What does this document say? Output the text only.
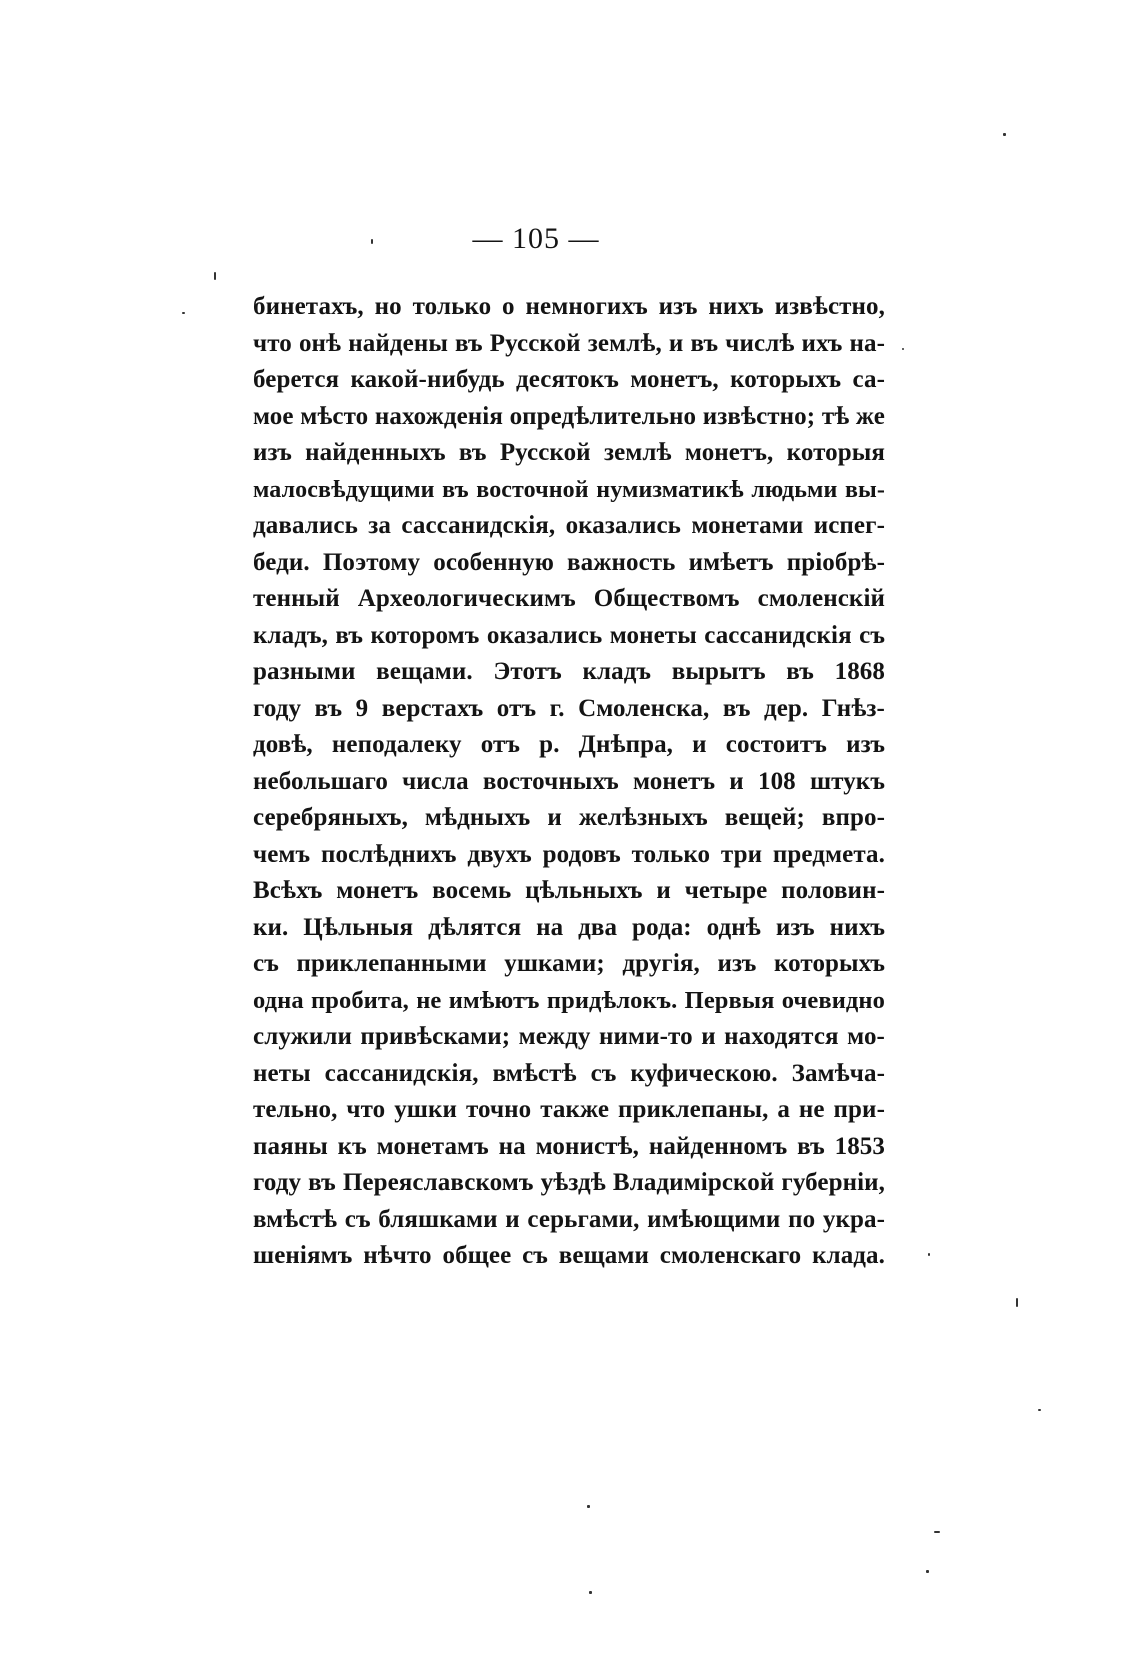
— 105 —
бинетахъ, но только о немногихъ изъ нихъ извѣстно,
что онѣ найдены въ Русской землѣ, и въ числѣ ихъ на-
берется какой-нибудь десятокъ монетъ, которыхъ са-
мое мѣсто нахожденія опредѣлительно извѣстно; тѣ же
изъ найденныхъ въ Русской землѣ монетъ, которыя
малосвѣдущими въ восточной нумизматикѣ людьми вы-
давались за сассанидскія, оказались монетами испег-
беди. Поэтому особенную важность имѣетъ пріобрѣ-
тенный Археологическимъ Обществомъ смоленскій
кладъ, въ которомъ оказались монеты сассанидскія съ
разными вещами. Этотъ кладъ вырытъ въ 1868
году въ 9 верстахъ отъ г. Смоленска, въ дер. Гнѣз-
довѣ, неподалеку отъ р. Днѣпра, и состоитъ изъ
небольшаго числа восточныхъ монетъ и 108 штукъ
серебряныхъ, мѣдныхъ и желѣзныхъ вещей; впро-
чемъ послѣднихъ двухъ родовъ только три предмета.
Всѣхъ монетъ восемь цѣльныхъ и четыре половин-
ки. Цѣльныя дѣлятся на два рода: однѣ изъ нихъ
съ приклепанными ушками; другія, изъ которыхъ
одна пробита, не имѣютъ придѣлокъ. Первыя очевидно
служили привѣсками; между ними-то и находятся мо-
неты сассанидскія, вмѣстѣ съ куфическою. Замѣча-
тельно, что ушки точно также приклепаны, а не при-
паяны къ монетамъ на монистѣ, найденномъ въ 1853
году въ Переяславскомъ уѣздѣ Владимірской губерніи,
вмѣстѣ съ бляшками и серьгами, имѣющими по укра-
шеніямъ нѣчто общее съ вещами смоленскаго клада.
